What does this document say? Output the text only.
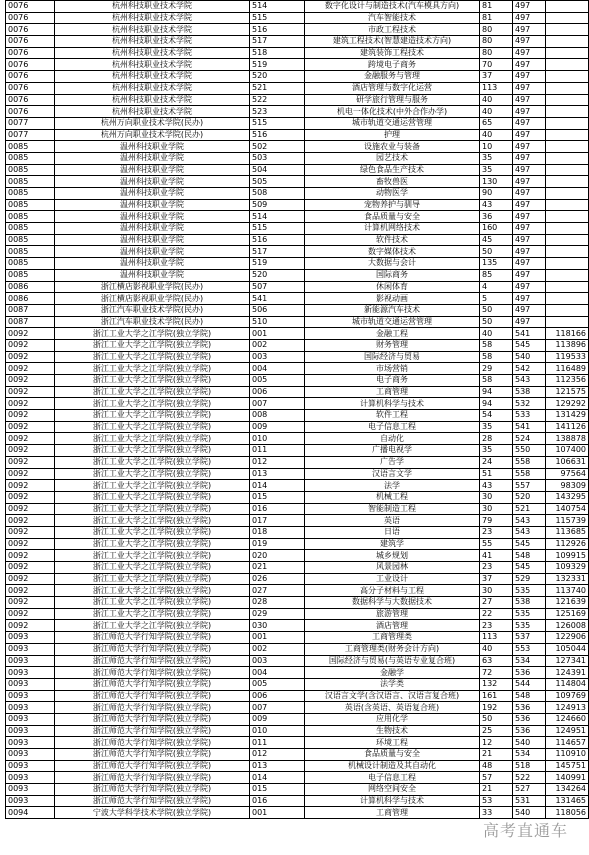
0076	杭州科技职业技术学院	514	数字化设计与制造技术(汽车模具方向)	81	497	
0076	杭州科技职业技术学院	515	汽车智能技术	81	497	
0076	杭州科技职业技术学院	516	市政工程技术	80	497	
0076	杭州科技职业技术学院	517	建筑工程技术(智慧建造技术方向)	80	497	
0076	杭州科技职业技术学院	518	建筑装饰工程技术	80	497	
0076	杭州科技职业技术学院	519	跨境电子商务	70	497	
0076	杭州科技职业技术学院	520	金融服务与管理	37	497	
0076	杭州科技职业技术学院	521	酒店管理与数字化运营	113	497	
0076	杭州科技职业技术学院	522	研学旅行管理与服务	40	497	
0076	杭州科技职业技术学院	523	机电一体化技术(中外合作办学)	40	497	
0077	杭州万向职业技术学院(民办)	515	城市轨道交通运营管理	65	497	
0077	杭州万向职业技术学院(民办)	516	护理	40	497	
0085	温州科技职业学院	502	设施农业与装备	10	497	
0085	温州科技职业学院	503	园艺技术	35	497	
0085	温州科技职业学院	504	绿色食品生产技术	35	497	
0085	温州科技职业学院	505	畜牧兽医	130	497	
0085	温州科技职业学院	508	动物医学	90	497	
0085	温州科技职业学院	509	宠物养护与驯导	43	497	
0085	温州科技职业学院	514	食品质量与安全	36	497	
0085	温州科技职业学院	515	计算机网络技术	160	497	
0085	温州科技职业学院	516	软件技术	45	497	
0085	温州科技职业学院	517	数字媒体技术	50	497	
0085	温州科技职业学院	519	大数据与会计	135	497	
0085	温州科技职业学院	520	国际商务	85	497	
0086	浙江横店影视职业学院(民办)	507	休闲体育	4	497	
0086	浙江横店影视职业学院(民办)	541	影视动画	5	497	
0087	浙江汽车职业技术学院(民办)	506	新能源汽车技术	50	497	
0087	浙江汽车职业技术学院(民办)	510	城市轨道交通运营管理	50	497	
0092	浙江工业大学之江学院(独立学院)	001	金融工程	40	541	118166
0092	浙江工业大学之江学院(独立学院)	002	财务管理	58	545	113896
0092	浙江工业大学之江学院(独立学院)	003	国际经济与贸易	58	540	119533
0092	浙江工业大学之江学院(独立学院)	004	市场营销	29	542	116489
0092	浙江工业大学之江学院(独立学院)	005	电子商务	58	543	112356
0092	浙江工业大学之江学院(独立学院)	006	工商管理	94	538	121575
0092	浙江工业大学之江学院(独立学院)	007	计算机科学与技术	94	532	129292
0092	浙江工业大学之江学院(独立学院)	008	软件工程	54	533	131429
0092	浙江工业大学之江学院(独立学院)	009	电子信息工程	35	541	141126
0092	浙江工业大学之江学院(独立学院)	010	自动化	28	524	138878
0092	浙江工业大学之江学院(独立学院)	011	广播电视学	35	550	107400
0092	浙江工业大学之江学院(独立学院)	012	广告学	24	558	106631
0092	浙江工业大学之江学院(独立学院)	013	汉语言文学	51	558	97564
0092	浙江工业大学之江学院(独立学院)	014	法学	43	557	98309
0092	浙江工业大学之江学院(独立学院)	015	机械工程	30	520	143295
0092	浙江工业大学之江学院(独立学院)	016	智能制造工程	30	521	140754
0092	浙江工业大学之江学院(独立学院)	017	英语	79	543	115739
0092	浙江工业大学之江学院(独立学院)	018	日语	23	543	113685
0092	浙江工业大学之江学院(独立学院)	019	建筑学	55	545	112926
0092	浙江工业大学之江学院(独立学院)	020	城乡规划	41	548	109915
0092	浙江工业大学之江学院(独立学院)	021	风景园林	23	545	109329
0092	浙江工业大学之江学院(独立学院)	026	工业设计	37	529	132331
0092	浙江工业大学之江学院(独立学院)	027	高分子材料与工程	30	535	113740
0092	浙江工业大学之江学院(独立学院)	028	数据科学与大数据技术	27	538	121639
0092	浙江工业大学之江学院(独立学院)	029	旅游管理	22	535	125169
0092	浙江工业大学之江学院(独立学院)	030	酒店管理	23	535	126008
0093	浙江师范大学行知学院(独立学院)	001	工商管理类	113	537	122906
0093	浙江师范大学行知学院(独立学院)	002	工商管理类(财务会计方向)	40	553	105044
0093	浙江师范大学行知学院(独立学院)	003	国际经济与贸易(与英语专业复合班)	63	534	127341
0093	浙江师范大学行知学院(独立学院)	004	金融学	72	536	124391
0093	浙江师范大学行知学院(独立学院)	005	法学类	132	544	114804
0093	浙江师范大学行知学院(独立学院)	006	汉语言文学(含汉语言、汉语言复合班)	161	548	109769
0093	浙江师范大学行知学院(独立学院)	007	英语(含英语、英语复合班)	192	536	124913
0093	浙江师范大学行知学院(独立学院)	009	应用化学	50	536	124660
0093	浙江师范大学行知学院(独立学院)	010	生物技术	25	536	124951
0093	浙江师范大学行知学院(独立学院)	011	环境工程	12	540	114657
0093	浙江师范大学行知学院(独立学院)	012	食品质量与安全	21	534	110910
0093	浙江师范大学行知学院(独立学院)	013	机械设计制造及其自动化	48	518	145751
0093	浙江师范大学行知学院(独立学院)	014	电子信息工程	57	522	140991
0093	浙江师范大学行知学院(独立学院)	015	网络空间安全	21	527	134264
0093	浙江师范大学行知学院(独立学院)	016	计算机科学与技术	53	531	131465
0094	宁波大学科学技术学院(独立学院)	001	工商管理	33	540	118056
高考直通车
